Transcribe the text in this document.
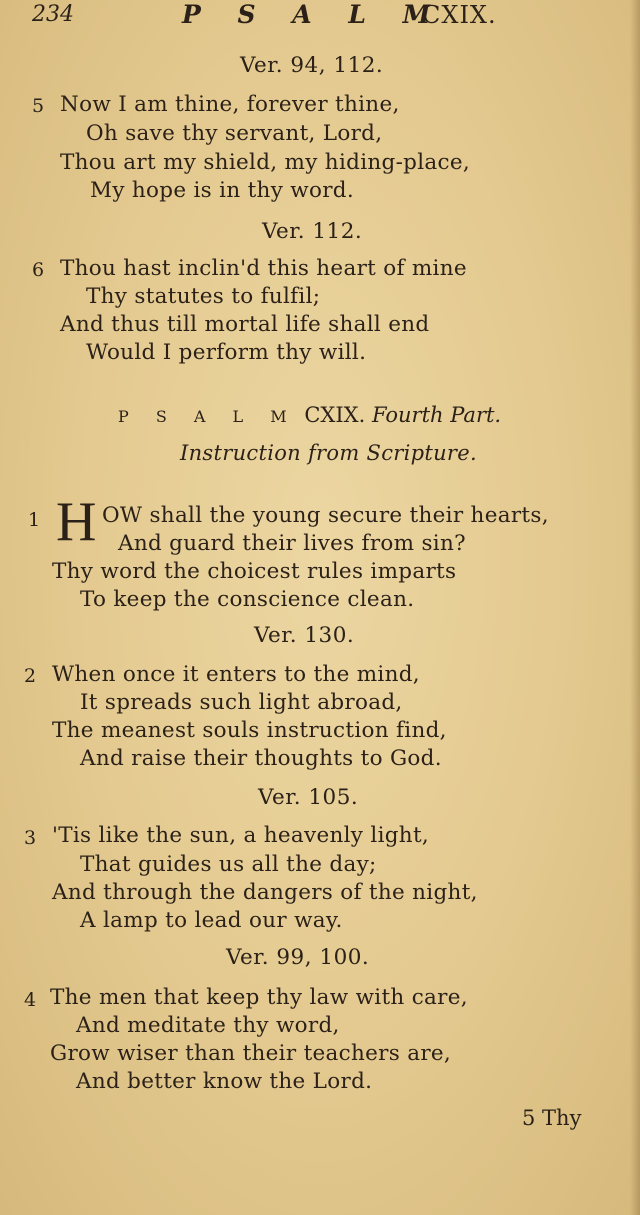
234	P S A L M
CXIX.
Ver. 94, 112.
5 Now I am thine, forever thine,
Oh save thy servant, Lord,
Thou art my shield, my hiding-place,
My hope is in thy word.
Ver. 112.
6 Thou hast inclin'd this heart of mine
Thy statutes to fulfil;
And thus till mortal life shall end
Would I perform thy will.
P S A L M CXIX. Fourth Part.
Instruction from Scripture.
1 H OW shall the young secure their hearts,
And guard their lives from sin?
Thy word the choicest rules imparts
To keep the conscience clean.
Ver. 130.
2 When once it enters to the mind,
It spreads such light abroad,
The meanest souls instruction find,
And raise their thoughts to God.
Ver. 105.
3 'Tis like the sun, a heavenly light,
That guides us all the day;
And through the dangers of the night,
A lamp to lead our way.
Ver. 99, 100.
4 The men that keep thy law with care,
And meditate thy word,
Grow wiser than their teachers are,
And better know the Lord.
5 Thy
